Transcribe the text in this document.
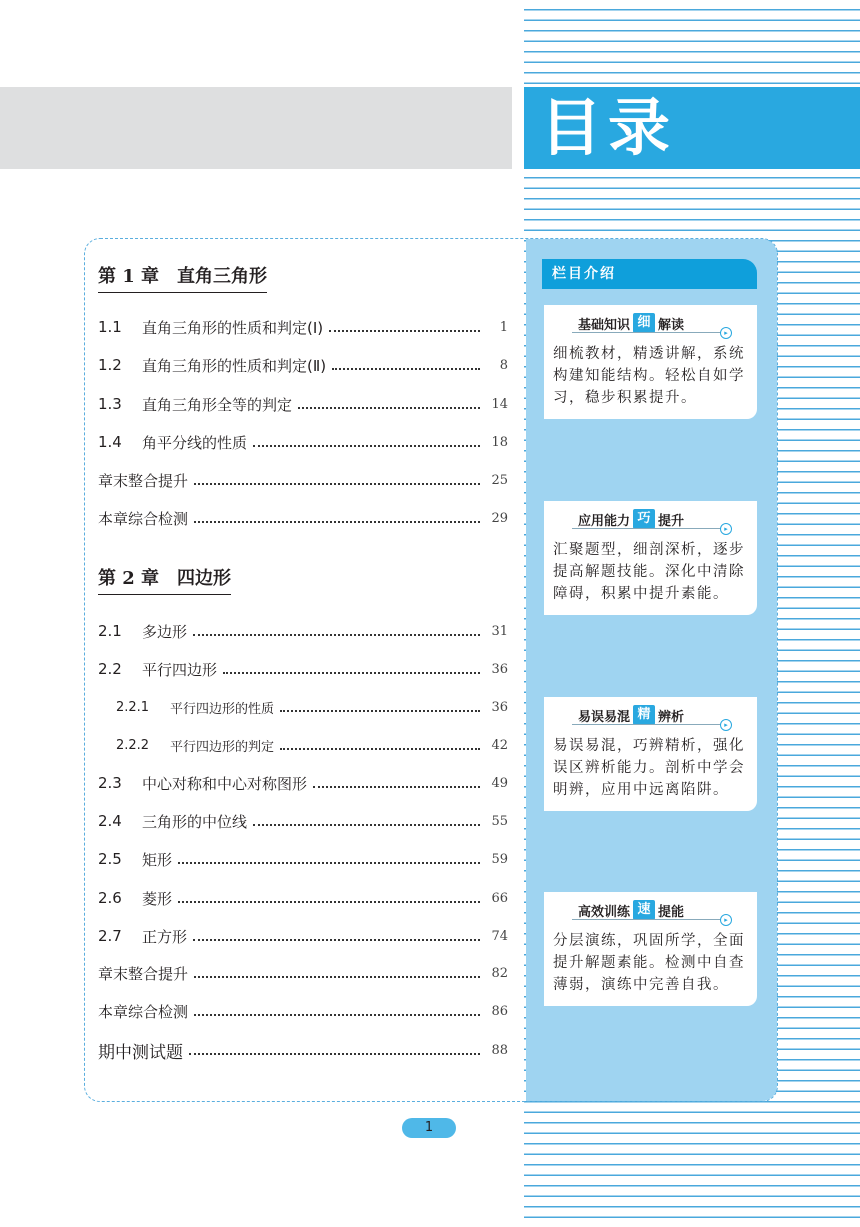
目录
第 1 章　直角三角形
1.1	直角三角形的性质和判定(Ⅰ)	1
1.2	直角三角形的性质和判定(Ⅱ)	8
1.3	直角三角形全等的判定	14
1.4	角平分线的性质	18
章末整合提升	25
本章综合检测	29
第 2 章　四边形
2.1	多边形	31
2.2	平行四边形	36
2.2.1	平行四边形的性质	36
2.2.2	平行四边形的判定	42
2.3	中心对称和中心对称图形	49
2.4	三角形的中位线	55
2.5	矩形	59
2.6	菱形	66
2.7	正方形	74
章末整合提升	82
本章综合检测	86
期中测试题	88
栏目介绍
基础知识 细 解读
▸
细梳教材，精透讲解，系统构建知能结构。轻松自如学习，稳步积累提升。
应用能力 巧 提升
▸
汇聚题型，细剖深析，逐步提高解题技能。深化中清除障碍，积累中提升素能。
易误易混 精 辨析
▸
易误易混，巧辨精析，强化误区辨析能力。剖析中学会明辨，应用中远离陷阱。
高效训练 速 提能
▸
分层演练，巩固所学，全面提升解题素能。检测中自查薄弱，演练中完善自我。
1
